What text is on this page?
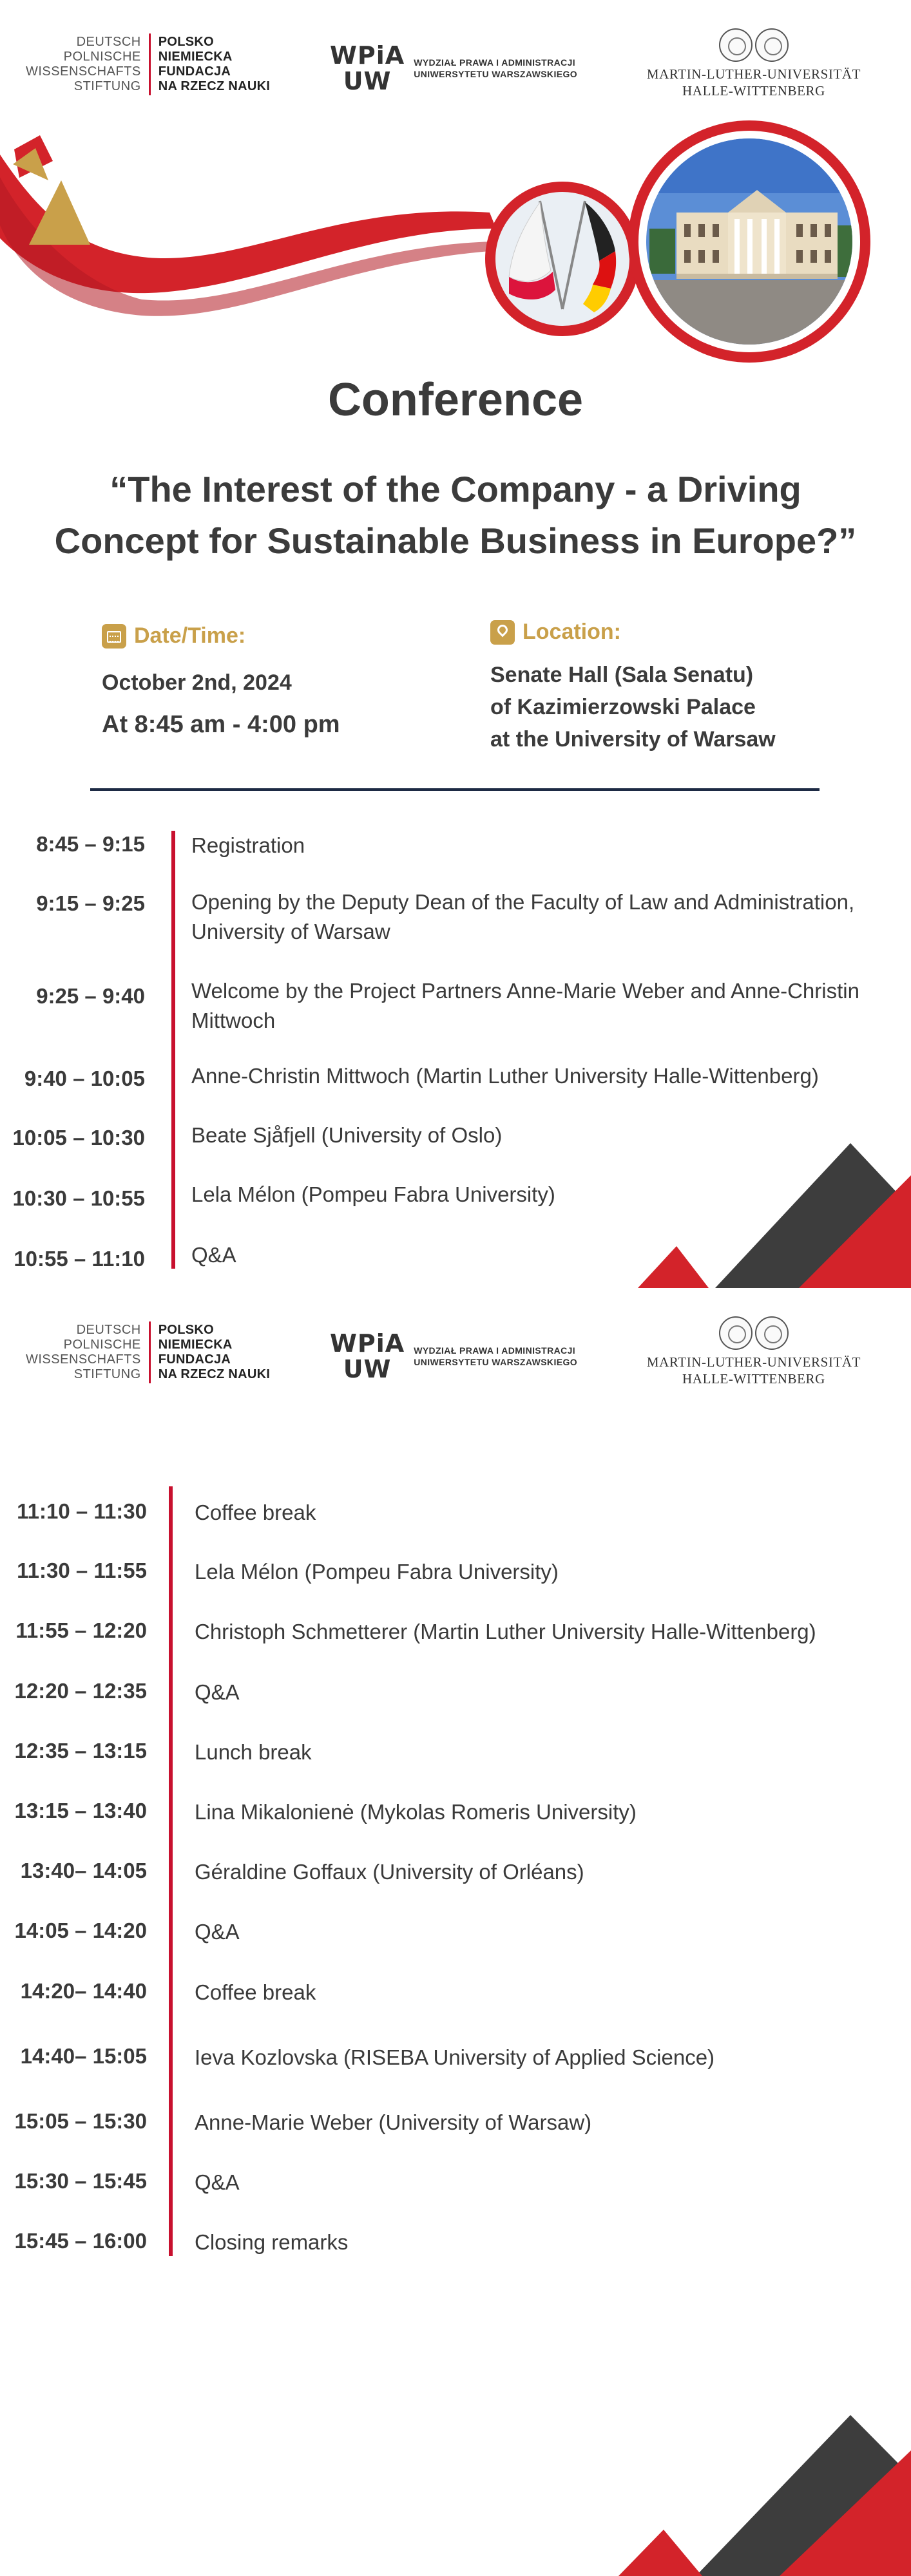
DEUTSCH
POLNISCHE
WISSENSCHAFTS
STIFTUNG
POLSKO
NIEMIECKA
FUNDACJA
NA RZECZ NAUKI
WPiA
UW
WYDZIAŁ PRAWA I ADMINISTRACJI
UNIWERSYTETU WARSZAWSKIEGO	MARTIN-LUTHER-UNIVERSITÄT
HALLE-WITTENBERG
Conference
“The Interest of the Company - a Driving
Concept for Sustainable Business in Europe?”
Date/Time:
October 2nd, 2024
At 8:45 am - 4:00 pm
Location:
Senate Hall (Sala Senatu)
of Kazimierzowski Palace
at the University of Warsaw
8:45 – 9:15 Registration
9:15 – 9:25 Opening by the Deputy Dean of the Faculty of Law and Administration, University of Warsaw
9:25 – 9:40 Welcome by the Project Partners Anne-Marie Weber and Anne-Christin Mittwoch
9:40 – 10:05 Anne-Christin Mittwoch (Martin Luther University Halle-Wittenberg)
10:05 – 10:30 Beate Sjåfjell (University of Oslo)
10:30 – 10:55 Lela Mélon (Pompeu Fabra University)
10:55 – 11:10 Q&A
DEUTSCH
POLNISCHE
WISSENSCHAFTS
STIFTUNG
POLSKO
NIEMIECKA
FUNDACJA
NA RZECZ NAUKI
WPiA
UW
WYDZIAŁ PRAWA I ADMINISTRACJI
UNIWERSYTETU WARSZAWSKIEGO	MARTIN-LUTHER-UNIVERSITÄT
HALLE-WITTENBERG
11:10 – 11:30 Coffee break
11:30 – 11:55 Lela Mélon (Pompeu Fabra University)
11:55 – 12:20 Christoph Schmetterer (Martin Luther University Halle-Wittenberg)
12:20 – 12:35 Q&A
12:35 – 13:15 Lunch break
13:15 – 13:40 Lina Mikalonienė (Mykolas Romeris University)
13:40– 14:05 Géraldine Goffaux (University of Orléans)
14:05 – 14:20 Q&A
14:20– 14:40 Coffee break
14:40– 15:05 Ieva Kozlovska (RISEBA University of Applied Science)
15:05 – 15:30 Anne-Marie Weber (University of Warsaw)
15:30 – 15:45 Q&A
15:45 – 16:00 Closing remarks
